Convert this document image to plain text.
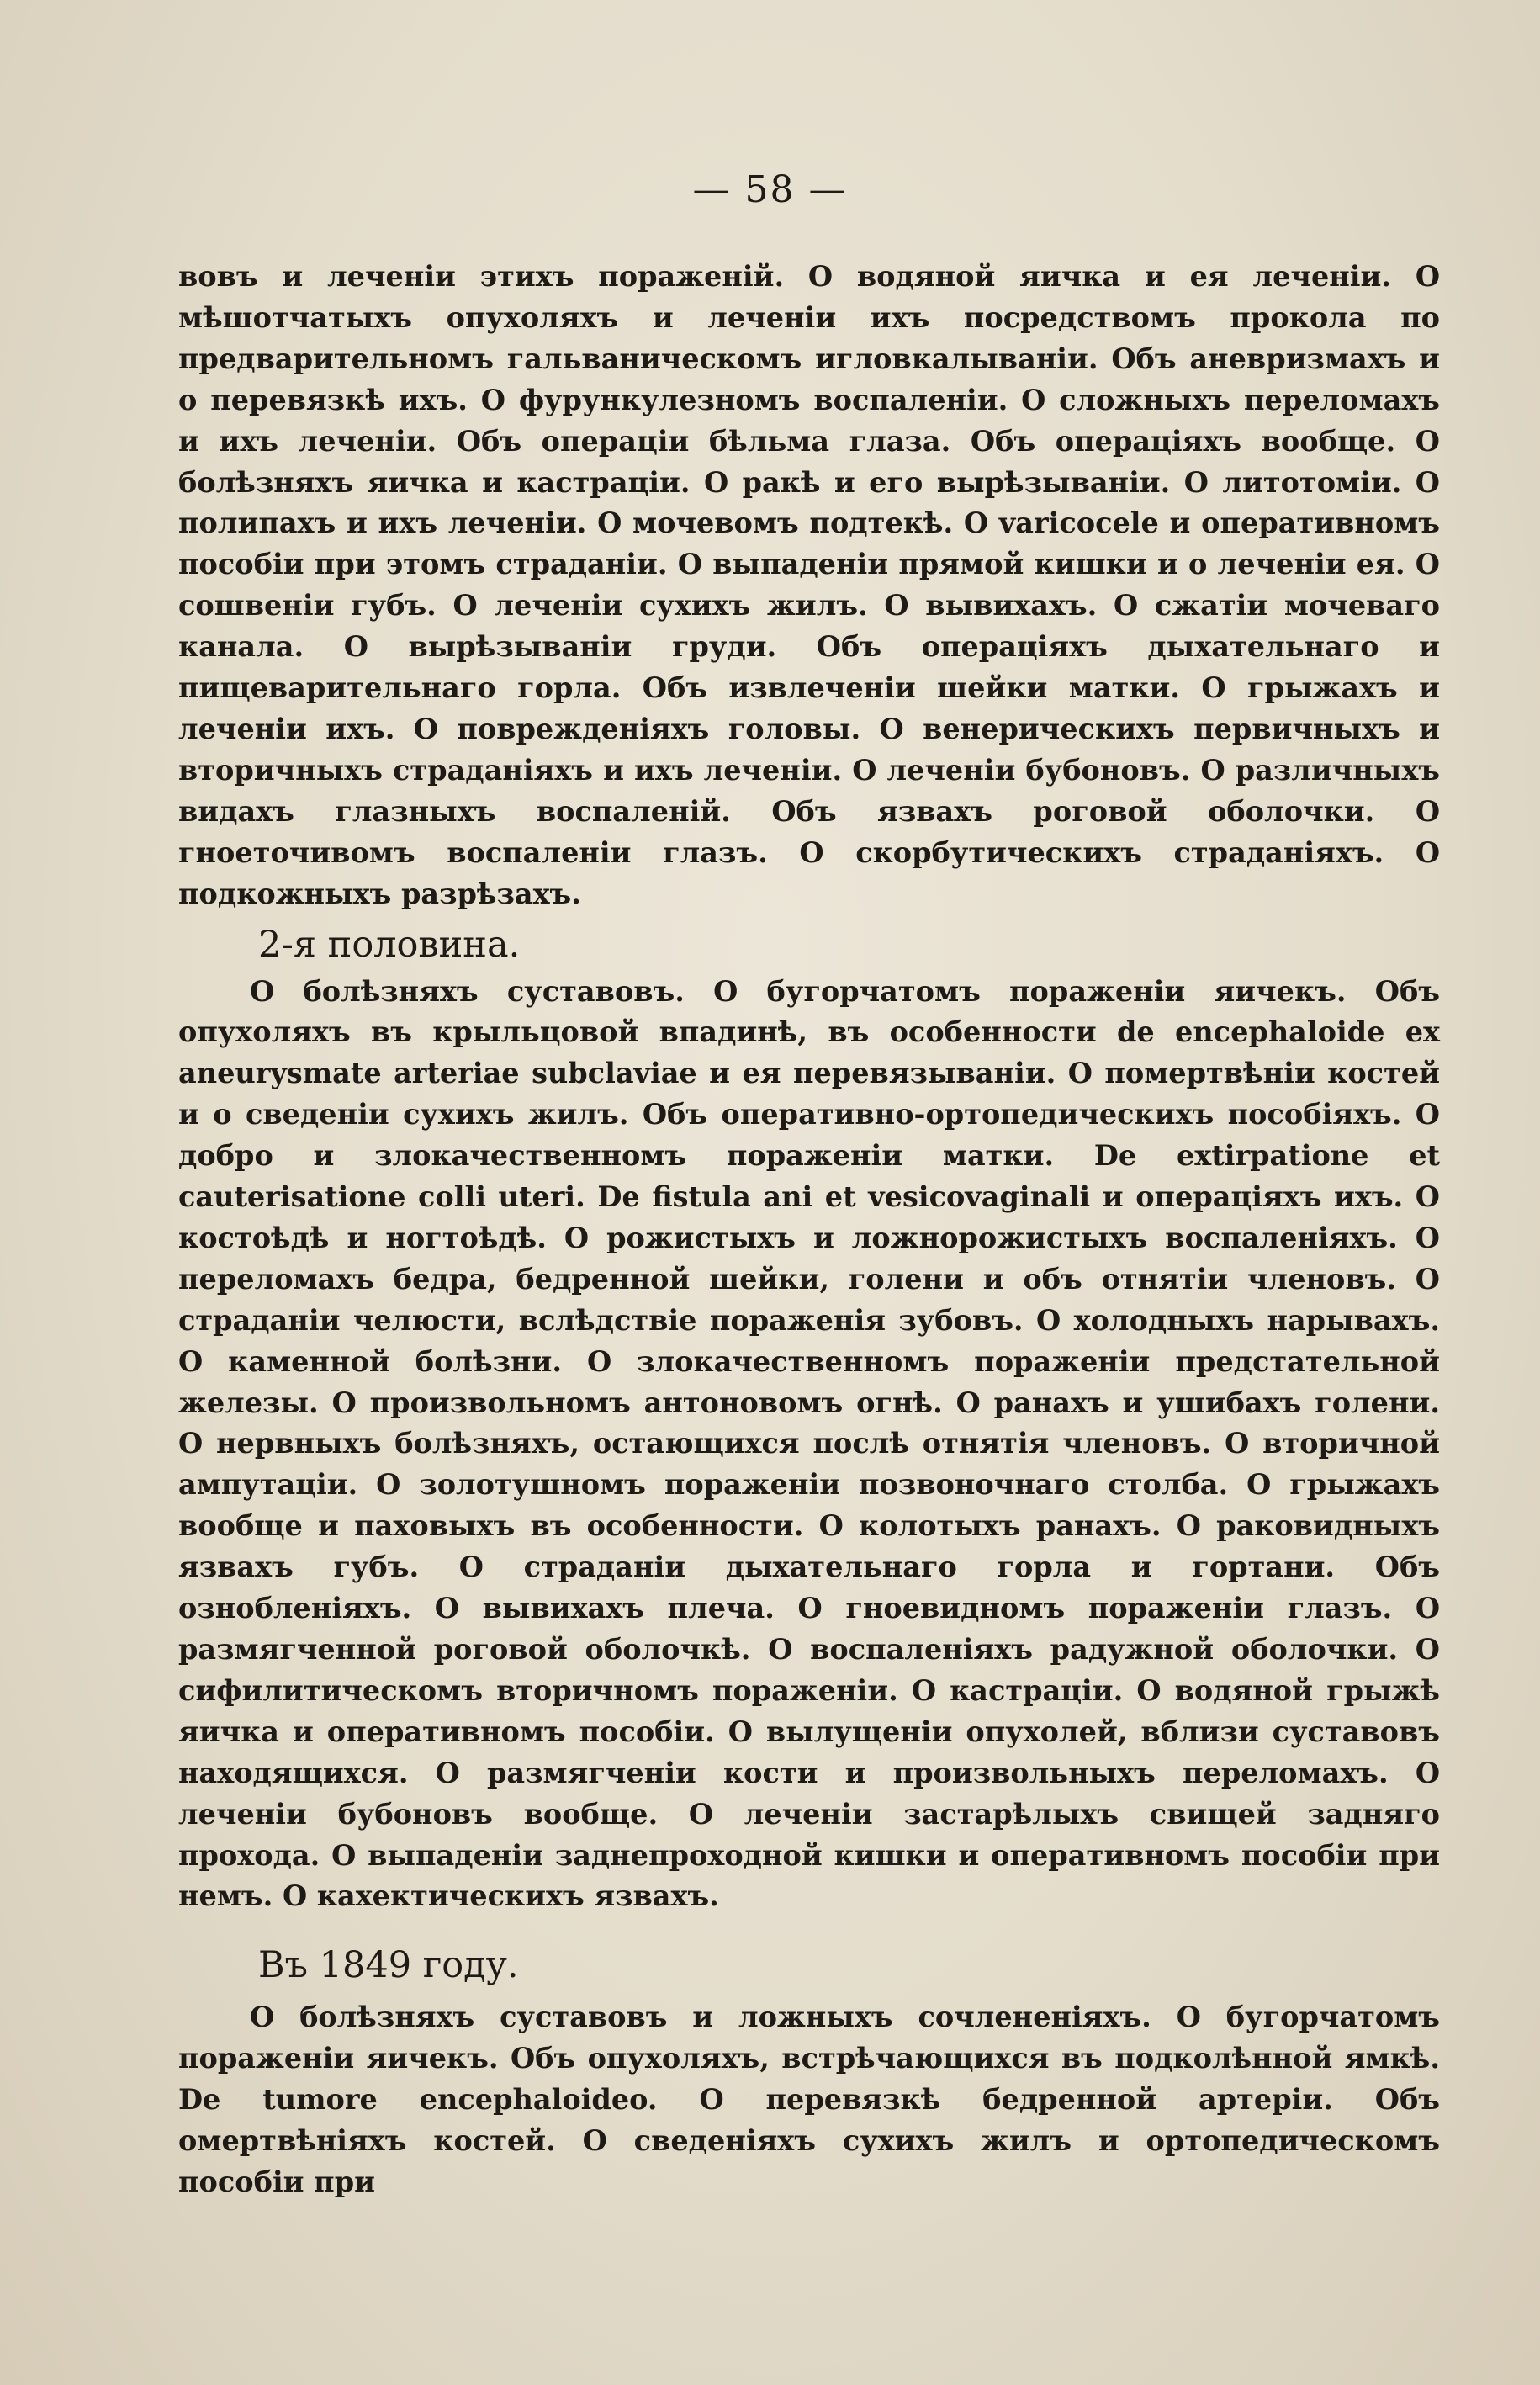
— 58 —

вовъ и леченіи этихъ пораженій. О водяной яичка и ея леченіи. О мѣшотчатыхъ опухоляхъ и леченіи ихъ посредствомъ прокола по предварительномъ гальваническомъ игловкалываніи. Объ аневризмахъ и о перевязкѣ ихъ. О фурункулезномъ воспаленіи. О сложныхъ переломахъ и ихъ леченіи. Объ операціи бѣльма глаза. Объ операціяхъ вообще. О болѣзняхъ яичка и кастраціи. О ракѣ и его вырѣзываніи. О литотоміи. О полипахъ и ихъ леченіи. О мочевомъ подтекѣ. О varicocele и оперативномъ пособіи при этомъ страданіи. О выпаденіи прямой кишки и о леченіи ея. О сошвеніи губъ. О леченіи сухихъ жилъ. О вывихахъ. О сжатіи мочеваго канала. О вырѣзываніи груди. Объ операціяхъ дыхательнаго и пищеварительнаго горла. Объ извлеченіи шейки матки. О грыжахъ и леченіи ихъ. О повреждeніяхъ головы. О венерическихъ первичныхъ и вторичныхъ страданіяхъ и ихъ леченіи. О леченіи бубоновъ. О различныхъ видахъ глазныхъ воспаленій. Объ язвахъ роговой оболочки. О гноеточивомъ воспаленіи глазъ. О скорбутическихъ страданіяхъ. О подкожныхъ разрѣзахъ.

2-я половина.

О болѣзняхъ суставовъ. О бугорчатомъ пораженіи яичекъ. Объ опухоляхъ въ крыльцовой впадинѣ, въ особенности de encephaloide ex aneurysmate arteriae subclaviae и ея перевязываніи. О помертвѣніи костей и о сведеніи сухихъ жилъ. Объ оперативно-ортопедическихъ пособіяхъ. О добро и злокачественномъ пораженіи матки. De extirpatione et cauterisatione colli uteri. De fistula ani et vesicovaginali и операціяхъ ихъ. О костоѣдѣ и ногтоѣдѣ. О рожистыхъ и ложнорожистыхъ воспаленіяхъ. О переломахъ бедра, бедренной шейки, голени и объ отнятіи членовъ. О страданіи челюсти, вслѣдствіе пораженія зубовъ. О холодныхъ нарывахъ. О каменной болѣзни. О злокачественномъ пораженіи предстательной железы. О произвольномъ антоновомъ огнѣ. О ранахъ и ушибахъ голени. О нервныхъ болѣзняхъ, остающихся послѣ отнятія членовъ. О вторичной ампутаціи. О золотушномъ пораженіи позвоночнаго столба. О грыжахъ вообще и паховыхъ въ особенности. О колотыхъ ранахъ. О раковидныхъ язвахъ губъ. О страданіи дыхательнаго горла и гортани. Объ ознобленіяхъ. О вывихахъ плеча. О гноевидномъ пораженіи глазъ. О размягченной роговой оболочкѣ. О воспаленіяхъ радужной оболочки. О сифилитическомъ вторичномъ пораженіи. О кастраціи. О водяной грыжѣ яичка и оперативномъ пособіи. О вылущеніи опухолей, вблизи суставовъ находящихся. О размягченіи кости и произвольныхъ переломахъ. О леченіи бубоновъ вообще. О леченіи застарѣлыхъ свищей задняго прохода. О выпаденіи заднепроходной кишки и оперативномъ пособіи при немъ. О кахектическихъ язвахъ.

Въ 1849 году.

О болѣзняхъ суставовъ и ложныхъ сочлененіяхъ. О бугорчатомъ пораженіи яичекъ. Объ опухоляхъ, встрѣчающихся въ подколѣнной ямкѣ. De tumore encephaloideo. О перевязкѣ бедренной артеріи. Объ омертвѣніяхъ костей. О сведеніяхъ сухихъ жилъ и ортопедическомъ пособіи при
